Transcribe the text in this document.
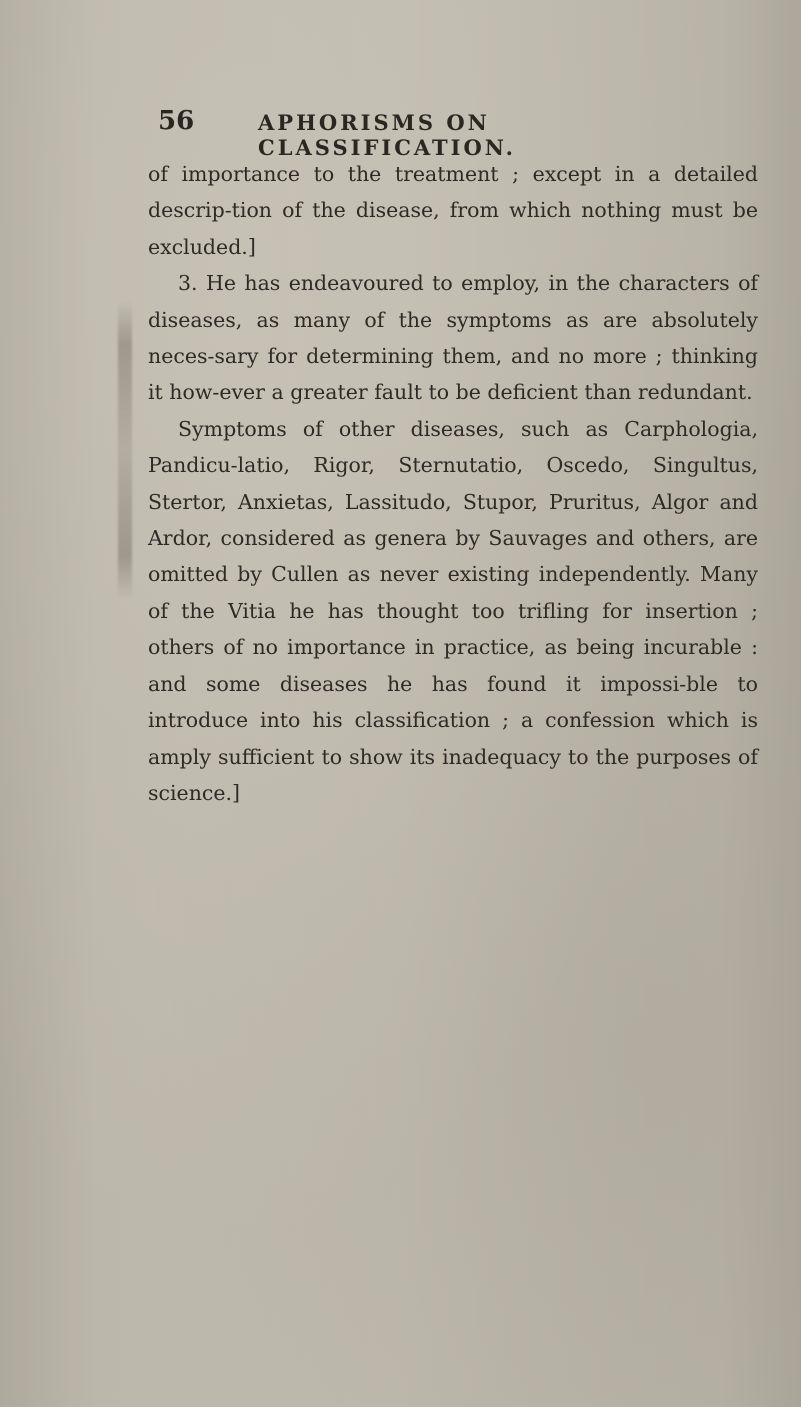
56	APHORISMS ON CLASSIFICATION.

of importance to the treatment ; except in a detailed descrip-tion of the disease, from which nothing must be excluded.]

3. He has endeavoured to employ, in the characters of diseases, as many of the symptoms as are absolutely neces-sary for determining them, and no more ; thinking it how-ever a greater fault to be deficient than redundant.

Symptoms of other diseases, such as Carphologia, Pandicu-latio, Rigor, Sternutatio, Oscedo, Singultus, Stertor, Anxietas, Lassitudo, Stupor, Pruritus, Algor and Ardor, considered as genera by Sauvages and others, are omitted by Cullen as never existing independently. Many of the Vitia he has thought too trifling for insertion ; others of no importance in practice, as being incurable : and some diseases he has found it impossi-ble to introduce into his classification ; a confession which is amply sufficient to show its inadequacy to the purposes of science.]
